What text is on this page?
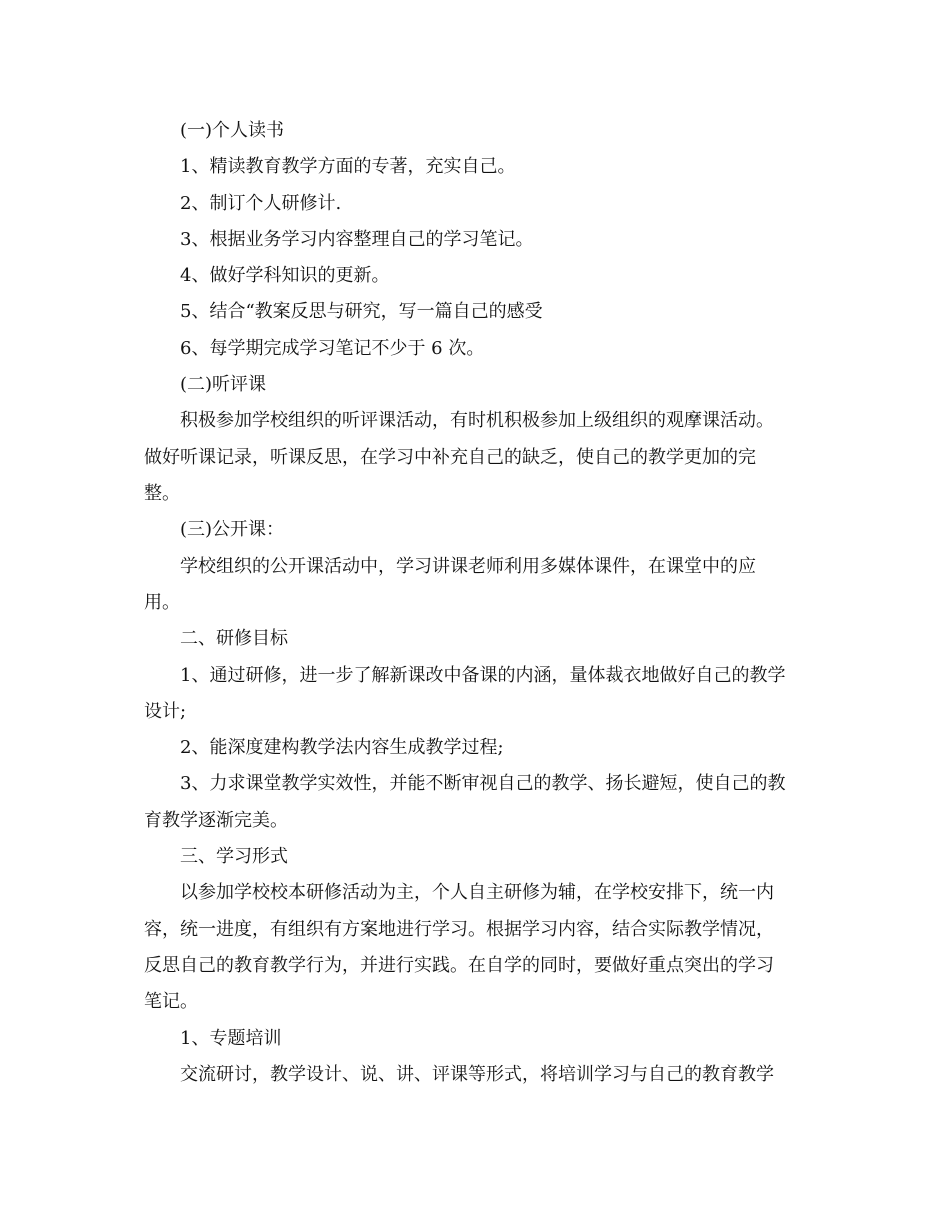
(一)个人读书

1、精读教育教学方面的专著，充实自己。

2、制订个人研修计.

3、根据业务学习内容整理自己的学习笔记。

4、做好学科知识的更新。

5、结合“教案反思与研究，写一篇自己的感受

6、每学期完成学习笔记不少于 6 次。

(二)听评课

积极参加学校组织的听评课活动，有时机积极参加上级组织的观摩课活动。

做好听课记录，听课反思，在学习中补充自己的缺乏，使自己的教学更加的完

整。

(三)公开课：

学校组织的公开课活动中，学习讲课老师利用多媒体课件，在课堂中的应

用。

二、研修目标

1、通过研修，进一步了解新课改中备课的内涵，量体裁衣地做好自己的教学

设计;

2、能深度建构教学法内容生成教学过程;

3、力求课堂教学实效性，并能不断审视自己的教学、扬长避短，使自己的教

育教学逐渐完美。

三、学习形式

以参加学校校本研修活动为主，个人自主研修为辅，在学校安排下，统一内

容，统一进度，有组织有方案地进行学习。根据学习内容，结合实际教学情况，

反思自己的教育教学行为，并进行实践。在自学的同时，要做好重点突出的学习

笔记。

1、专题培训

交流研讨，教学设计、说、讲、评课等形式，将培训学习与自己的教育教学
